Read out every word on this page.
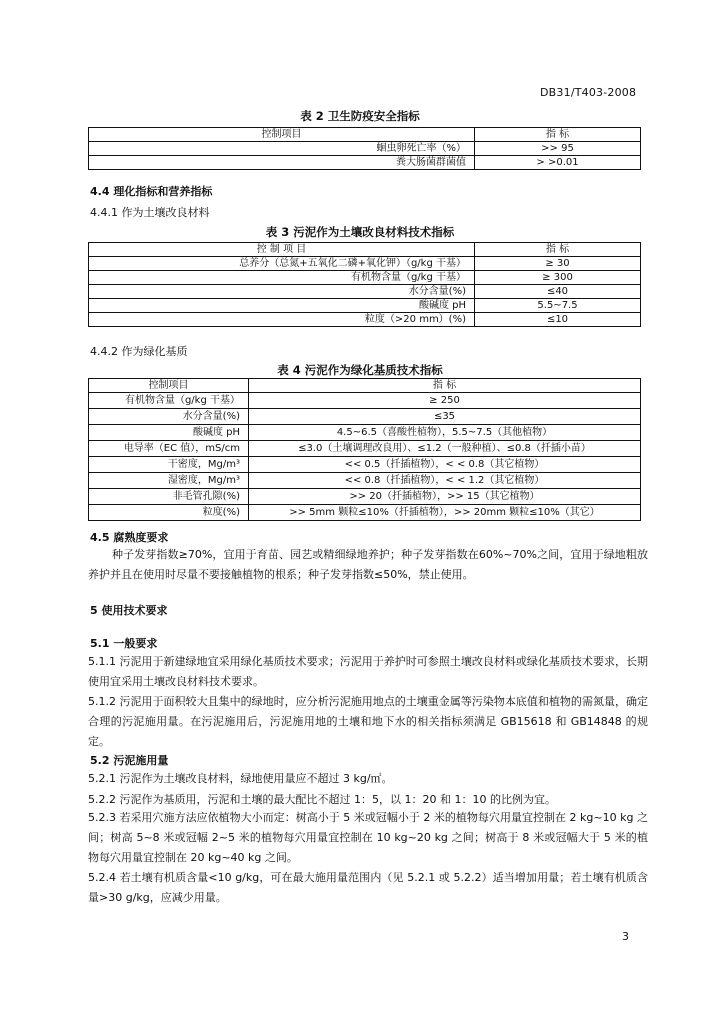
DB31/T403-2008
表 2 卫生防疫安全指标
控制项目	指 标
蛔虫卵死亡率（%）	>> 95
粪大肠菌群菌值	> >0.01
4.4 理化指标和营养指标
4.4.1 作为土壤改良材料
表 3 污泥作为土壤改良材料技术指标
控 制 项 目	指 标
总养分（总氮+五氧化二磷+氧化钾）（g/kg 干基）	≥ 30
有机物含量（g/kg 干基）	≥ 300
水分含量(%)	≤40
酸碱度 pH	5.5~7.5
粒度（>20 mm）(%)	≤10
4.4.2 作为绿化基质
表 4 污泥作为绿化基质技术指标
控制项目	指 标
有机物含量（g/kg 干基）	≥ 250
水分含量(%)	≤35
酸碱度 pH	4.5~6.5（喜酸性植物），5.5~7.5（其他植物）
电导率（EC 值），mS/cm	≤3.0（土壤调理改良用）、≤1.2（一般种植）、≤0.8（扦插小苗）
干密度，Mg/m³	<< 0.5（扦插植物），< < 0.8（其它植物）
湿密度，Mg/m³	<< 0.8（扦插植物），< < 1.2（其它植物）
非毛管孔隙(%)	>> 20（扦插植物），>> 15（其它植物）
粒度(%)	>> 5mm 颗粒≤10%（扦插植物），>> 20mm 颗粒≤10%（其它）
4.5 腐熟度要求
种子发芽指数≥70%，宜用于育苗、园艺或精细绿地养护；种子发芽指数在60%~70%之间，宜用于绿地粗放养护并且在使用时尽量不要接触植物的根系；种子发芽指数≤50%，禁止使用。
5 使用技术要求
5.1 一般要求
5.1.1 污泥用于新建绿地宜采用绿化基质技术要求；污泥用于养护时可参照土壤改良材料或绿化基质技术要求，长期使用宜采用土壤改良材料技术要求。
5.1.2 污泥用于面积较大且集中的绿地时，应分析污泥施用地点的土壤重金属等污染物本底值和植物的需氮量，确定合理的污泥施用量。在污泥施用后，污泥施用地的土壤和地下水的相关指标须满足 GB15618 和 GB14848 的规定。
5.2 污泥施用量
5.2.1 污泥作为土壤改良材料，绿地使用量应不超过 3 kg/㎡。
5.2.2 污泥作为基质用，污泥和土壤的最大配比不超过 1：5，以 1：20 和 1：10 的比例为宜。
5.2.3 若采用穴施方法应依植物大小而定：树高小于 5 米或冠幅小于 2 米的植物每穴用量宜控制在 2 kg~10 kg 之间；树高 5~8 米或冠幅 2~5 米的植物每穴用量宜控制在 10 kg~20 kg 之间；树高于 8 米或冠幅大于 5 米的植物每穴用量宜控制在 20 kg~40 kg 之间。
5.2.4 若土壤有机质含量<10 g/kg，可在最大施用量范围内（见 5.2.1 或 5.2.2）适当增加用量；若土壤有机质含量>30 g/kg，应减少用量。
3
